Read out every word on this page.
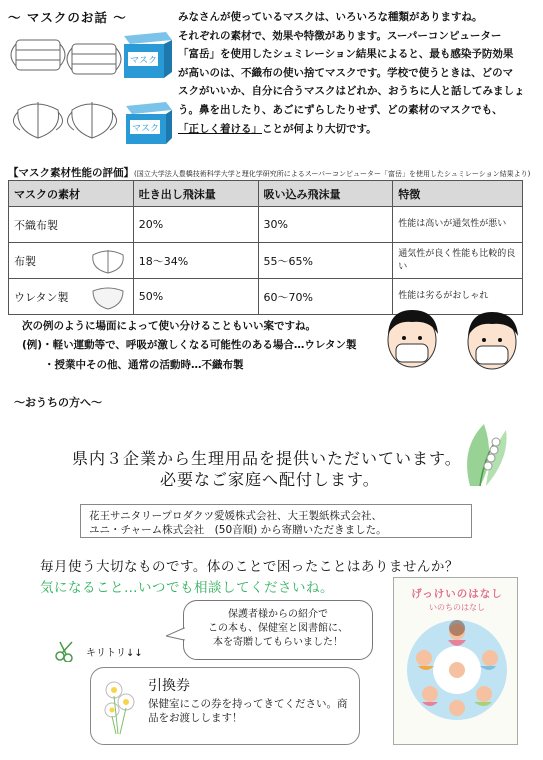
～ マスクのお話 ～	みなさんが使っているマスクは、いろいろな種類がありますね。

それぞれの素材で、効果や特徴があります。スーパーコンピューター

「富岳」を使用したシュミレーション結果によると、最も感染予防効果

が高いのは、不織布の使い捨てマスクです。学校で使うときは、どのマ

スクがいいか、自分に合うマスクはどれか、おうちに人と話してみましょ

う。鼻を出したり、あごにずらしたりせず、どの素材のマスクでも、

「正しく着ける」ことが何より大切です。

マスク
マスク
【マスク素材性能の評価】(国立大学法人豊橋技術科学大学と理化学研究所によるスーパーコンピューター「富岳」を使用したシュミレーション結果より)
マスクの素材	吐き出し飛沫量	吸い込み飛沫量	特徴
不織布製	20%	30%	性能は高いが通気性が悪い
布製	18～34%	55～65%	通気性が良く性能も比較的良い
ウレタン製	50%	60～70%	性能は劣るがおしゃれ
次の例のように場面によって使い分けることもいい案ですね。
(例)・軽い運動等で、呼吸が激しくなる可能性のある場合…ウレタン製
・授業中その他、通常の活動時…不織布製
～おうちの方へ～
県内３企業から生理用品を提供いただいています。
必要なご家庭へ配付します。
花王サニタリープロダクツ愛媛株式会社、大王製紙株式会社、
ユニ・チャーム株式会社　(50音順) から寄贈いただきました。
毎月使う大切なものです。体のことで困ったことはありませんか？
気になること…いつでも相談してくださいね。
保護者様からの紹介で
この本も、保健室と図書館に、
本を寄贈してもらいました！
キリトリ↓↓
引換券
保健室にこの券を持ってきてください。商品をお渡しします！
げっけいのはなし
いのちのはなし
